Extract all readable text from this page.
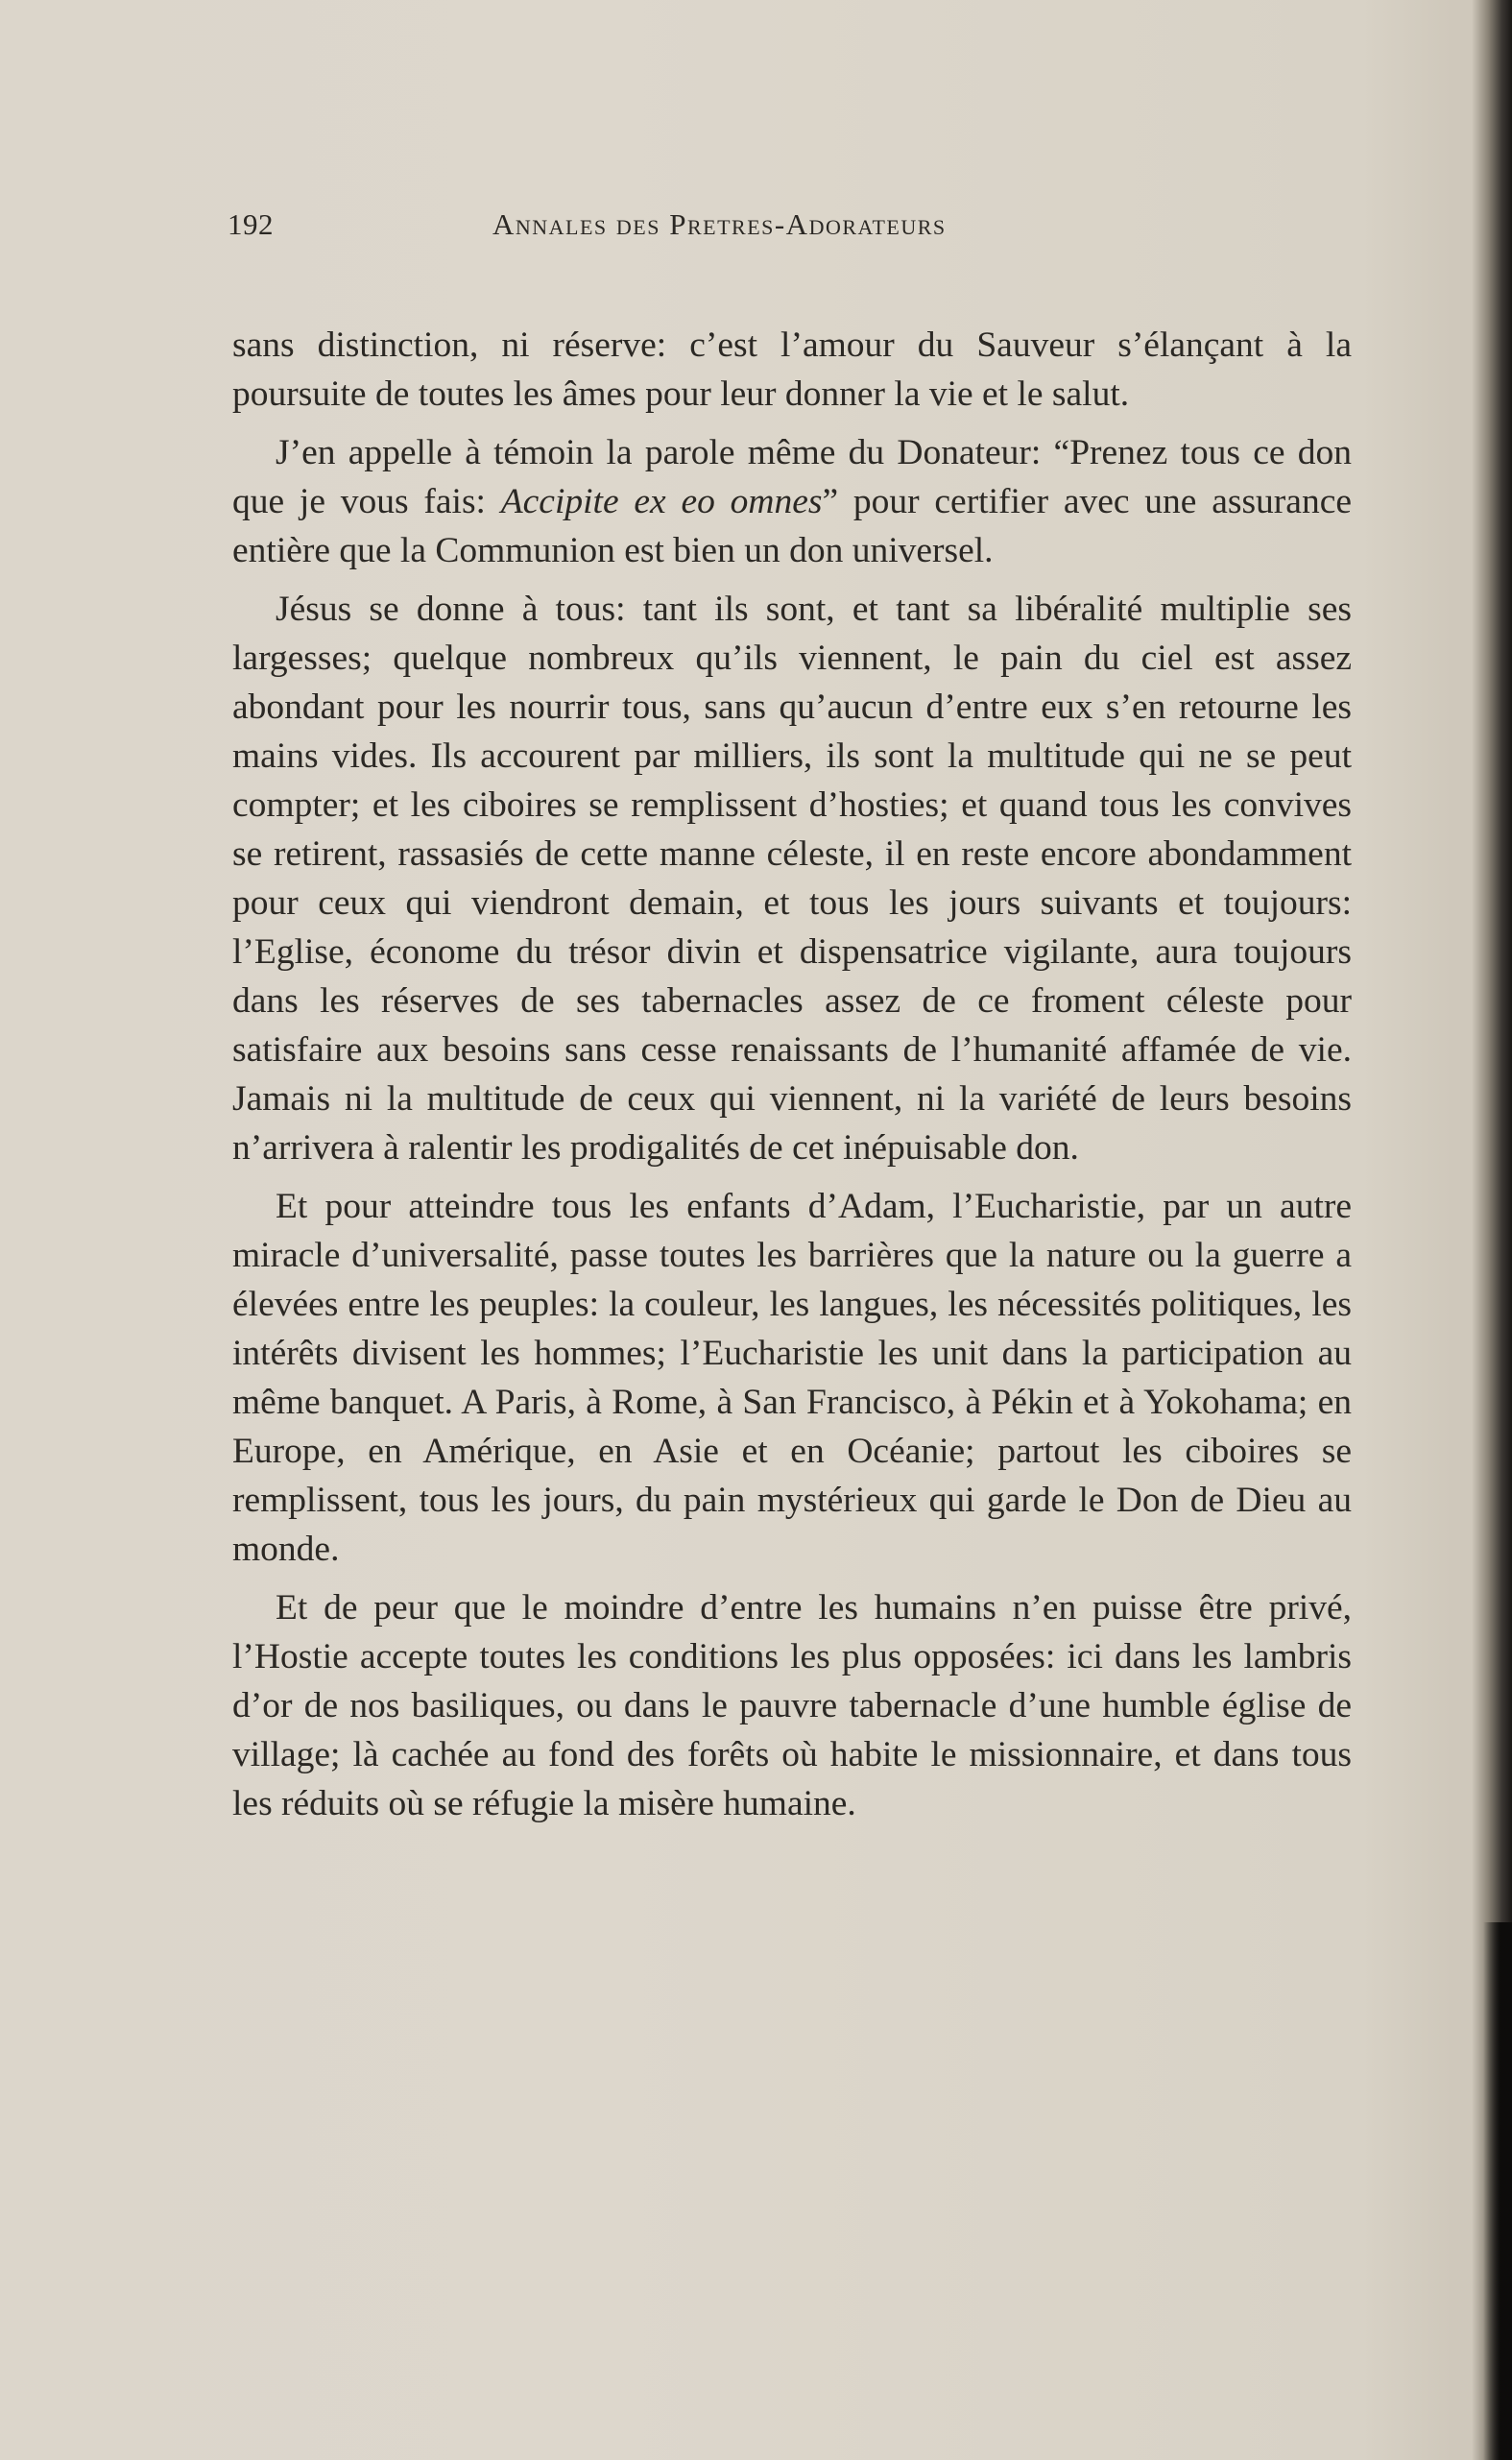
192	Annales des Pretres-Adorateurs

sans distinction, ni réserve: c’est l’amour du Sauveur s’élançant à la poursuite de toutes les âmes pour leur donner la vie et le salut.

J’en appelle à témoin la parole même du Donateur: “Prenez tous ce don que je vous fais: Accipite ex eo omnes” pour certifier avec une assurance entière que la Communion est bien un don universel.

Jésus se donne à tous: tant ils sont, et tant sa libéralité multiplie ses largesses; quelque nombreux qu’ils viennent, le pain du ciel est assez abondant pour les nourrir tous, sans qu’aucun d’entre eux s’en retourne les mains vides. Ils accourent par milliers, ils sont la multitude qui ne se peut compter; et les ciboires se remplissent d’hosties; et quand tous les convives se retirent, rassasiés de cette manne céleste, il en reste encore abondamment pour ceux qui viendront demain, et tous les jours suivants et toujours: l’Eglise, économe du trésor divin et dispensatrice vigilante, aura toujours dans les réserves de ses tabernacles assez de ce froment céleste pour satisfaire aux besoins sans cesse renaissants de l’humanité affamée de vie. Jamais ni la multitude de ceux qui viennent, ni la variété de leurs besoins n’arrivera à ralentir les prodigalités de cet inépuisable don.

Et pour atteindre tous les enfants d’Adam, l’Eucharistie, par un autre miracle d’universalité, passe toutes les barrières que la nature ou la guerre a élevées entre les peuples: la couleur, les langues, les nécessités politiques, les intérêts divisent les hommes; l’Eucharistie les unit dans la participation au même banquet. A Paris, à Rome, à San Francisco, à Pékin et à Yokohama; en Europe, en Amérique, en Asie et en Océanie; partout les ciboires se remplissent, tous les jours, du pain mystérieux qui garde le Don de Dieu au monde.

Et de peur que le moindre d’entre les humains n’en puisse être privé, l’Hostie accepte toutes les conditions les plus opposées: ici dans les lambris d’or de nos basiliques, ou dans le pauvre tabernacle d’une humble église de village; là cachée au fond des forêts où habite le missionnaire, et dans tous les réduits où se réfugie la misère humaine.
